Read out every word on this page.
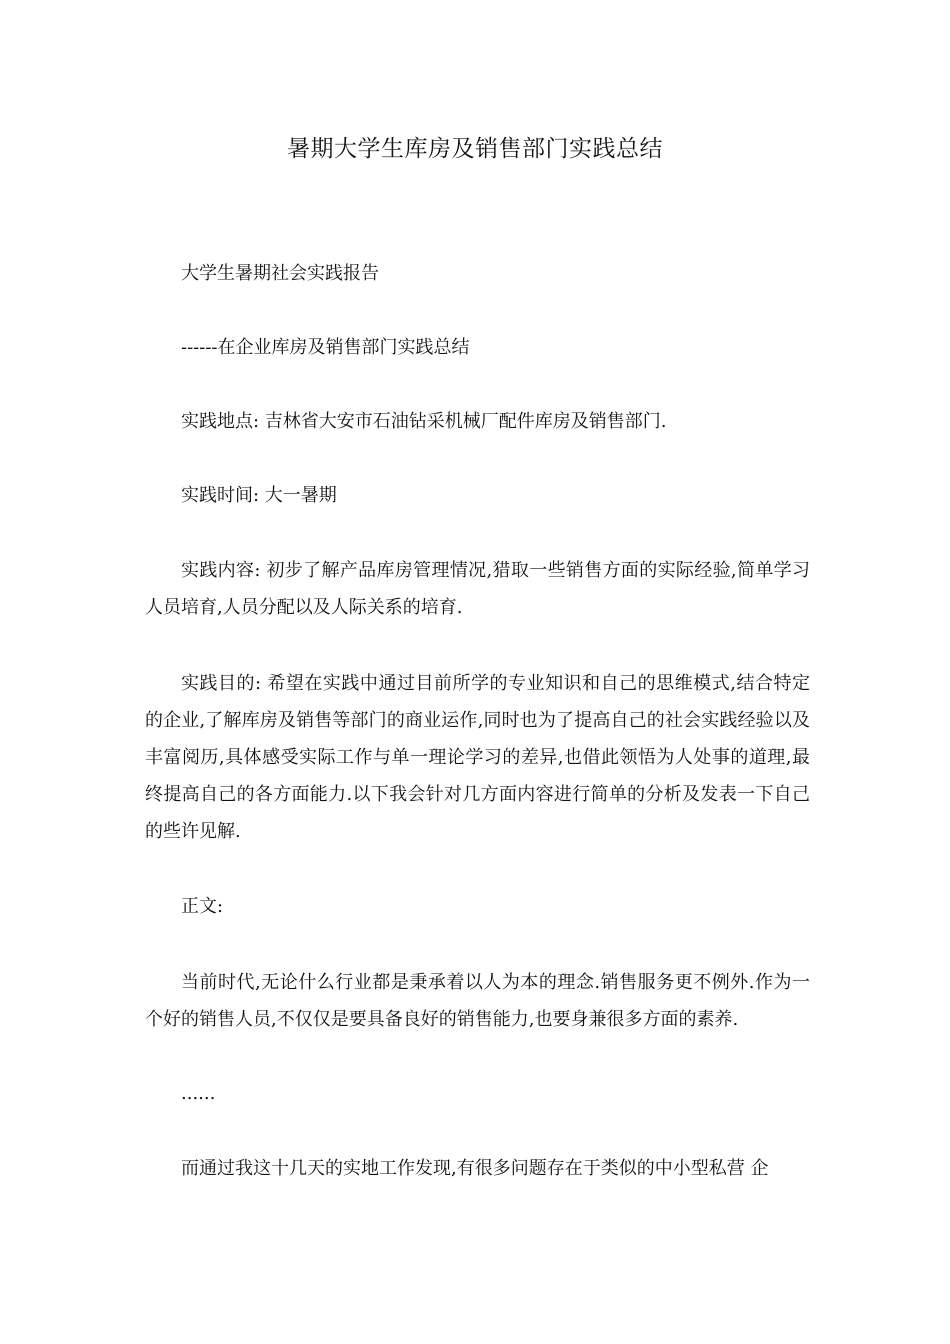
暑期大学生库房及销售部门实践总结

大学生暑期社会实践报告

------在企业库房及销售部门实践总结

实践地点: 吉林省大安市石油钻采机械厂配件库房及销售部门.

实践时间: 大一暑期

实践内容: 初步了解产品库房管理情况,猎取一些销售方面的实际经验,简单学习人员培育,人员分配以及人际关系的培育.

实践目的: 希望在实践中通过目前所学的专业知识和自己的思维模式,结合特定的企业,了解库房及销售等部门的商业运作,同时也为了提高自己的社会实践经验以及丰富阅历,具体感受实际工作与单一理论学习的差异,也借此领悟为人处事的道理,最终提高自己的各方面能力.以下我会针对几方面内容进行简单的分析及发表一下自己的些许见解.

正文:

当前时代,无论什么行业都是秉承着以人为本的理念.销售服务更不例外.作为一个好的销售人员,不仅仅是要具备良好的销售能力,也要身兼很多方面的素养.

......

而通过我这十几天的实地工作发现,有很多问题存在于类似的中小型私营 企
